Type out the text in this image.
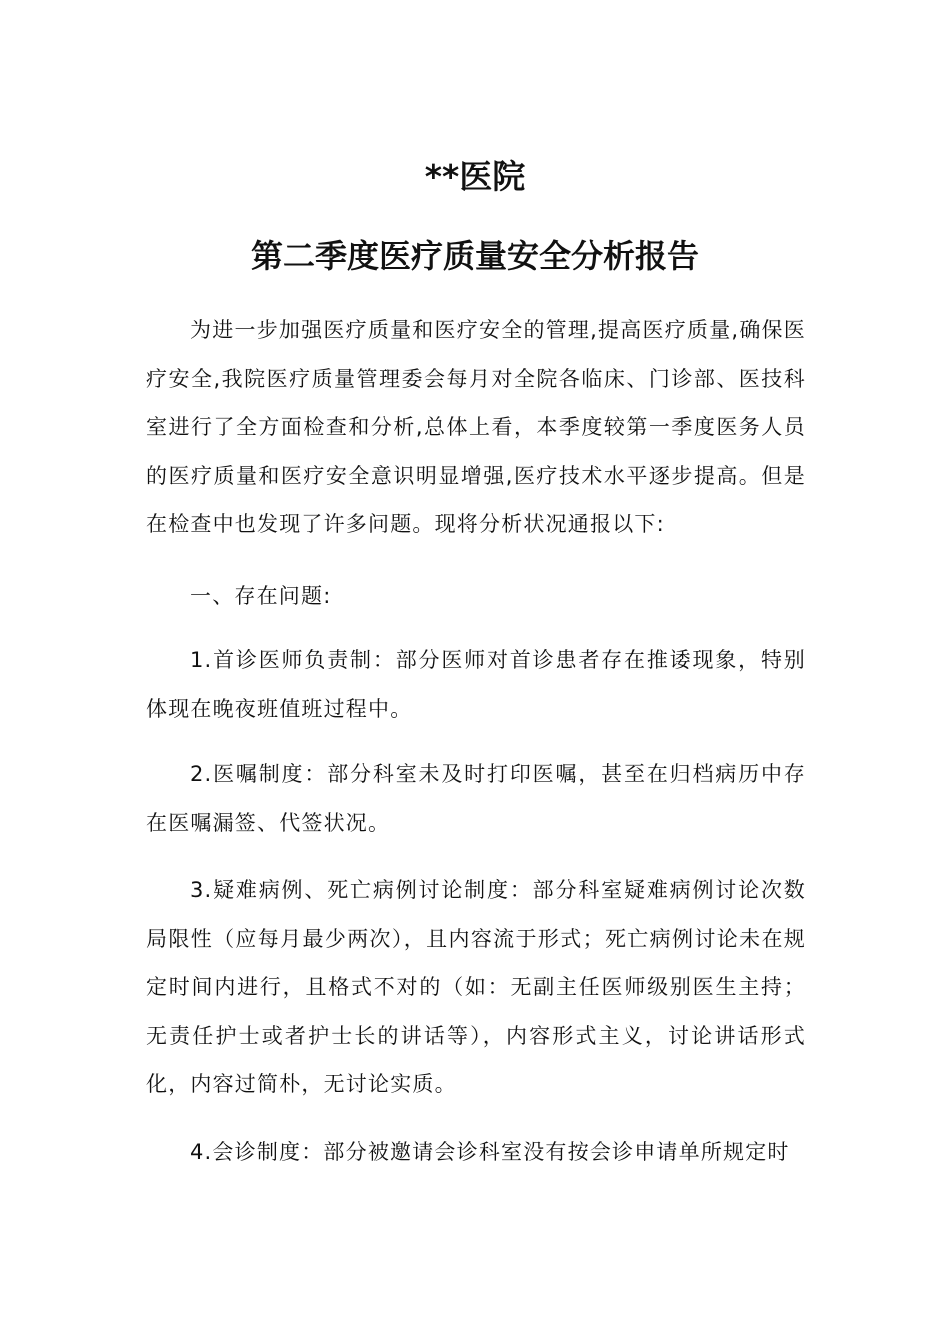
**医院
第二季度医疗质量安全分析报告

为进一步加强医疗质量和医疗安全的管理,提高医疗质量,确保医疗安全,我院医疗质量管理委会每月对全院各临床、门诊部、医技科室进行了全方面检查和分析,总体上看，本季度较第一季度医务人员的医疗质量和医疗安全意识明显增强,医疗技术水平逐步提高。但是在检查中也发现了许多问题。现将分析状况通报以下:

一、存在问题:

1.首诊医师负责制：部分医师对首诊患者存在推诿现象，特别体现在晚夜班值班过程中。

2.医嘱制度：部分科室未及时打印医嘱，甚至在归档病历中存在医嘱漏签、代签状况。

3.疑难病例、死亡病例讨论制度：部分科室疑难病例讨论次数局限性（应每月最少两次），且内容流于形式；死亡病例讨论未在规定时间内进行，且格式不对的（如：无副主任医师级别医生主持；无责任护士或者护士长的讲话等），内容形式主义，讨论讲话形式化，内容过简朴，无讨论实质。

4.会诊制度：部分被邀请会诊科室没有按会诊申请单所规定时
